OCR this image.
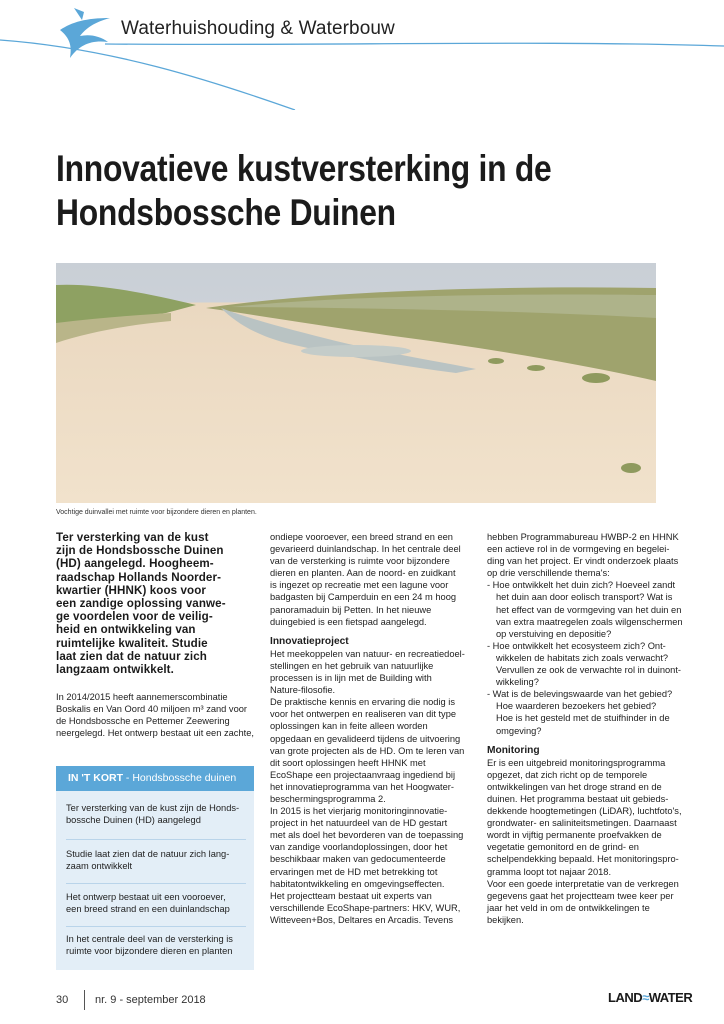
Waterhuishouding & Waterbouw
Innovatieve kustversterking in de
Hondsbossche Duinen
Vochtige duinvallei met ruimte voor bijzondere dieren en planten.
Ter versterking van de kust
zijn de Hondsbossche Duinen
(HD) aangelegd. Hoogheem-
raadschap Hollands Noorder-
kwartier (HHNK) koos voor
een zandige oplossing vanwe-
ge voordelen voor de veilig-
heid en ontwikkeling van
ruimtelijke kwaliteit. Studie
laat zien dat de natuur zich
langzaam ontwikkelt.
In 2014/2015 heeft aannemerscombinatie
Boskalis en Van Oord 40 miljoen m³ zand voor
de Hondsbossche en Pettemer Zeewering
neergelegd. Het ontwerp bestaat uit een zachte,
IN 'T KORT - Hondsbossche duinen
Ter versterking van de kust zijn de Honds-
bossche Duinen (HD) aangelegd
Studie laat zien dat de natuur zich lang-
zaam ontwikkelt
Het ontwerp bestaat uit een vooroever,
een breed strand en een duinlandschap
In het centrale deel van de versterking is
ruimte voor bijzondere dieren en planten
ondiepe vooroever, een breed strand en een
gevarieerd duinlandschap. In het centrale deel
van de versterking is ruimte voor bijzondere
dieren en planten. Aan de noord- en zuidkant
is ingezet op recreatie met een lagune voor
badgasten bij Camperduin en een 24 m hoog
panoramaduin bij Petten. In het nieuwe
duingebied is een fietspad aangelegd.

Innovatieproject

Het meekoppelen van natuur- en recreatiedoel-
stellingen en het gebruik van natuurlijke
processen is in lijn met de Building with
Nature-filosofie.
De praktische kennis en ervaring die nodig is
voor het ontwerpen en realiseren van dit type
oplossingen kan in feite alleen worden
opgedaan en gevalideerd tijdens de uitvoering
van grote projecten als de HD. Om te leren van
dit soort oplossingen heeft HHNK met
EcoShape een projectaanvraag ingediend bij
het innovatieprogramma van het Hoogwater-
beschermingsprogramma 2.
In 2015 is het vierjarig monitoringinnovatie-
project in het natuurdeel van de HD gestart
met als doel het bevorderen van de toepassing
van zandige voorlandoplossingen, door het
beschikbaar maken van gedocumenteerde
ervaringen met de HD met betrekking tot
habitatontwikkeling en omgevingseffecten.
Het projectteam bestaat uit experts van
verschillende EcoShape-partners: HKV, WUR,
Witteveen+Bos, Deltares en Arcadis. Tevens
hebben Programmabureau HWBP-2 en HHNK
een actieve rol in de vormgeving en begelei-
ding van het project. Er vindt onderzoek plaats
op drie verschillende thema's:
- Hoe ontwikkelt het duin zich? Hoeveel zandt
het duin aan door eolisch transport? Wat is
het effect van de vormgeving van het duin en
van extra maatregelen zoals wilgenschermen
op verstuiving en depositie?
- Hoe ontwikkelt het ecosysteem zich? Ont-
wikkelen de habitats zich zoals verwacht?
Vervullen ze ook de verwachte rol in duinont-
wikkeling?
- Wat is de belevingswaarde van het gebied?
Hoe waarderen bezoekers het gebied?
Hoe is het gesteld met de stuifhinder in de
omgeving?

Monitoring

Er is een uitgebreid monitoringsprogramma
opgezet, dat zich richt op de temporele
ontwikkelingen van het droge strand en de
duinen. Het programma bestaat uit gebieds-
dekkende hoogtemetingen (LiDAR), luchtfoto's,
grondwater- en saliniteitsmetingen. Daarnaast
wordt in vijftig permanente proefvakken de
vegetatie gemonitord en de grind- en
schelpendekking bepaald. Het monitoringspro-
gramma loopt tot najaar 2018.
Voor een goede interpretatie van de verkregen
gegevens gaat het projectteam twee keer per
jaar het veld in om de ontwikkelingen te
bekijken.
30 nr. 9 - september 2018	LAND≈WATER
